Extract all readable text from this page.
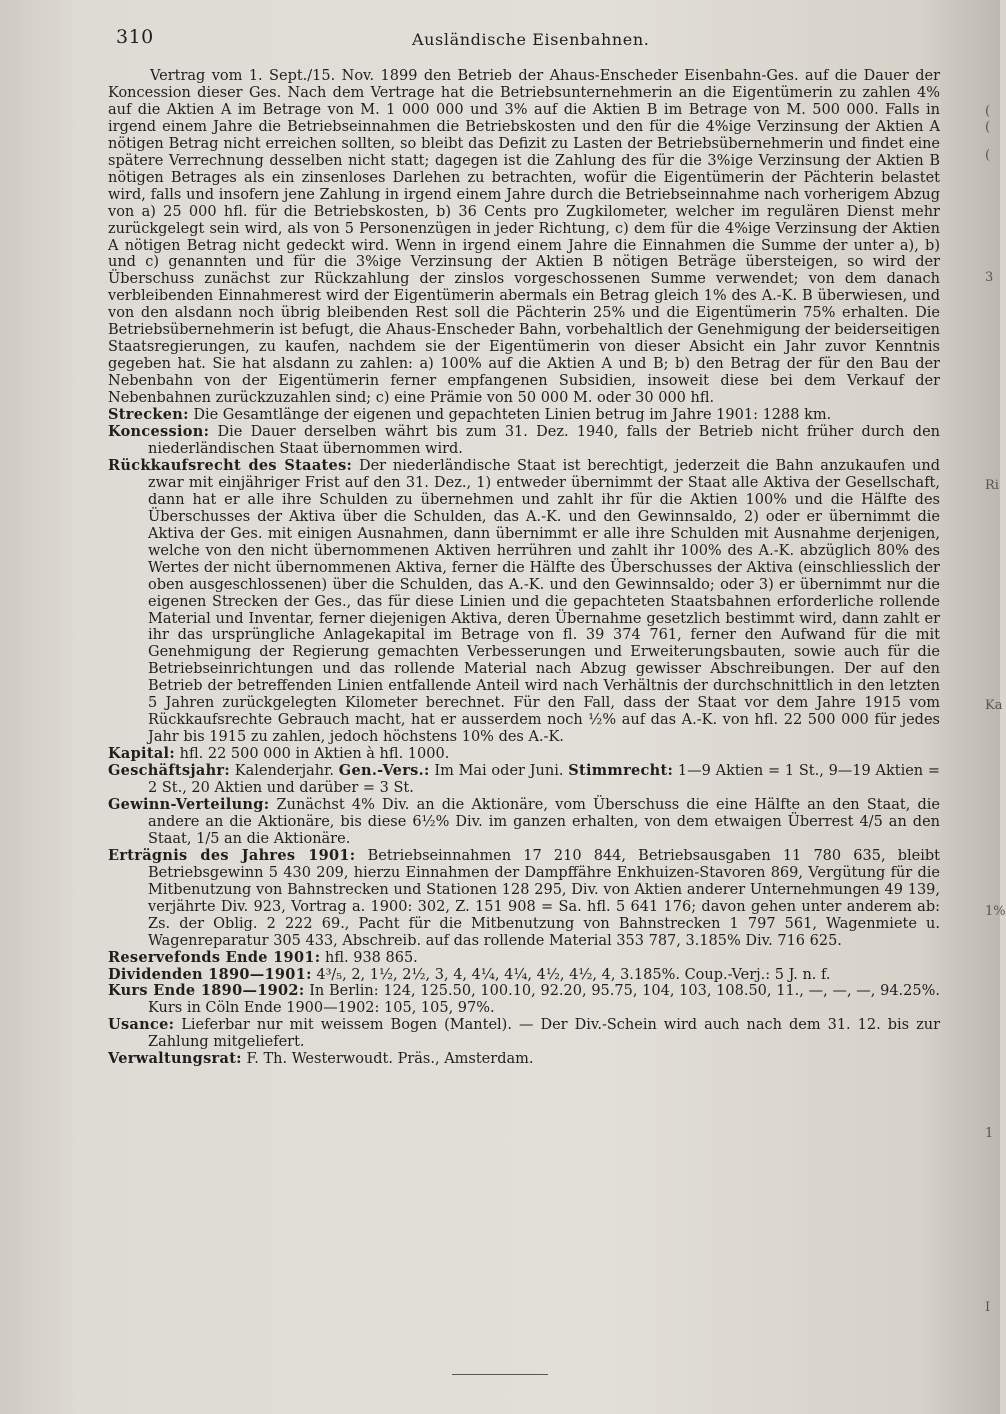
310	Ausländische Eisenbahnen.

Vertrag vom 1. Sept./15. Nov. 1899 den Betrieb der Ahaus-Enscheder Eisenbahn-Ges. auf die Dauer der Koncession dieser Ges. Nach dem Vertrage hat die Betriebsunternehmerin an die Eigentümerin zu zahlen 4% auf die Aktien A im Betrage von M. 1 000 000 und 3% auf die Aktien B im Betrage von M. 500 000. Falls in irgend einem Jahre die Betriebseinnahmen die Betriebskosten und den für die 4%ige Verzinsung der Aktien A nötigen Betrag nicht erreichen sollten, so bleibt das Defizit zu Lasten der Betriebsübernehmerin und findet eine spätere Verrechnung desselben nicht statt; dagegen ist die Zahlung des für die 3%ige Verzinsung der Aktien B nötigen Betrages als ein zinsenloses Darlehen zu betrachten, wofür die Eigentümerin der Pächterin belastet wird, falls und insofern jene Zahlung in irgend einem Jahre durch die Betriebseinnahme nach vorherigem Abzug von a) 25 000 hfl. für die Betriebskosten, b) 36 Cents pro Zugkilometer, welcher im regulären Dienst mehr zurückgelegt sein wird, als von 5 Personenzügen in jeder Richtung, c) dem für die 4%ige Verzinsung der Aktien A nötigen Betrag nicht gedeckt wird. Wenn in irgend einem Jahre die Einnahmen die Summe der unter a), b) und c) genannten und für die 3%ige Verzinsung der Aktien B nötigen Beträge übersteigen, so wird der Überschuss zunächst zur Rückzahlung der zinslos vorgeschossenen Summe verwendet; von dem danach verbleibenden Einnahmerest wird der Eigentümerin abermals ein Betrag gleich 1% des A.-K. B überwiesen, und von den alsdann noch übrig bleibenden Rest soll die Pächterin 25% und die Eigentümerin 75% erhalten. Die Betriebsübernehmerin ist befugt, die Ahaus-Enscheder Bahn, vorbehaltlich der Genehmigung der beiderseitigen Staatsregierungen, zu kaufen, nachdem sie der Eigentümerin von dieser Absicht ein Jahr zuvor Kenntnis gegeben hat. Sie hat alsdann zu zahlen: a) 100% auf die Aktien A und B; b) den Betrag der für den Bau der Nebenbahn von der Eigentümerin ferner empfangenen Subsidien, insoweit diese bei dem Verkauf der Nebenbahnen zurückzuzahlen sind; c) eine Prämie von 50 000 M. oder 30 000 hfl.

Strecken: Die Gesamtlänge der eigenen und gepachteten Linien betrug im Jahre 1901: 1288 km.

Koncession: Die Dauer derselben währt bis zum 31. Dez. 1940, falls der Betrieb nicht früher durch den niederländischen Staat übernommen wird.

Rückkaufsrecht des Staates: Der niederländische Staat ist berechtigt, jederzeit die Bahn anzukaufen und zwar mit einjähriger Frist auf den 31. Dez., 1) entweder übernimmt der Staat alle Aktiva der Gesellschaft, dann hat er alle ihre Schulden zu übernehmen und zahlt ihr für die Aktien 100% und die Hälfte des Überschusses der Aktiva über die Schulden, das A.-K. und den Gewinnsaldo, 2) oder er übernimmt die Aktiva der Ges. mit einigen Ausnahmen, dann übernimmt er alle ihre Schulden mit Ausnahme derjenigen, welche von den nicht übernommenen Aktiven herrühren und zahlt ihr 100% des A.-K. abzüglich 80% des Wertes der nicht übernommenen Aktiva, ferner die Hälfte des Überschusses der Aktiva (einschliesslich der oben ausgeschlossenen) über die Schulden, das A.-K. und den Gewinnsaldo; oder 3) er übernimmt nur die eigenen Strecken der Ges., das für diese Linien und die gepachteten Staatsbahnen erforderliche rollende Material und Inventar, ferner diejenigen Aktiva, deren Übernahme gesetzlich bestimmt wird, dann zahlt er ihr das ursprüngliche Anlagekapital im Betrage von fl. 39 374 761, ferner den Aufwand für die mit Genehmigung der Regierung gemachten Verbesserungen und Erweiterungsbauten, sowie auch für die Betriebseinrichtungen und das rollende Material nach Abzug gewisser Abschreibungen. Der auf den Betrieb der betreffenden Linien entfallende Anteil wird nach Verhältnis der durchschnittlich in den letzten 5 Jahren zurückgelegten Kilometer berechnet. Für den Fall, dass der Staat vor dem Jahre 1915 vom Rückkaufsrechte Gebrauch macht, hat er ausserdem noch ½% auf das A.-K. von hfl. 22 500 000 für jedes Jahr bis 1915 zu zahlen, jedoch höchstens 10% des A.-K.

Kapital: hfl. 22 500 000 in Aktien à hfl. 1000.

Geschäftsjahr: Kalenderjahr. Gen.-Vers.: Im Mai oder Juni. Stimmrecht: 1—9 Aktien = 1 St., 9—19 Aktien = 2 St., 20 Aktien und darüber = 3 St.

Gewinn-Verteilung: Zunächst 4% Div. an die Aktionäre, vom Überschuss die eine Hälfte an den Staat, die andere an die Aktionäre, bis diese 6½% Div. im ganzen erhalten, von dem etwaigen Überrest 4/5 an den Staat, 1/5 an die Aktionäre.

Erträgnis des Jahres 1901: Betriebseinnahmen 17 210 844, Betriebsausgaben 11 780 635, bleibt Betriebsgewinn 5 430 209, hierzu Einnahmen der Dampffähre Enkhuizen-Stavoren 869, Vergütung für die Mitbenutzung von Bahnstrecken und Stationen 128 295, Div. von Aktien anderer Unternehmungen 49 139, verjährte Div. 923, Vortrag a. 1900: 302, Z. 151 908 = Sa. hfl. 5 641 176; davon gehen unter anderem ab: Zs. der Oblig. 2 222 69., Pacht für die Mitbenutzung von Bahnstrecken 1 797 561, Wagenmiete u. Wagenreparatur 305 433, Abschreib. auf das rollende Material 353 787, 3.185% Div. 716 625.

Reservefonds Ende 1901: hfl. 938 865.

Dividenden 1890—1901: 4³/₅, 2, 1½, 2½, 3, 4, 4¼, 4¼, 4½, 4½, 4, 3.185%. Coup.-Verj.: 5 J. n. f.

Kurs Ende 1890—1902: In Berlin: 124, 125.50, 100.10, 92.20, 95.75, 104, 103, 108.50, 11., —, —, —, 94.25%. Kurs in Cöln Ende 1900—1902: 105, 105, 97%.

Usance: Lieferbar nur mit weissem Bogen (Mantel). — Der Div.-Schein wird auch nach dem 31. 12. bis zur Zahlung mitgeliefert.

Verwaltungsrat: F. Th. Westerwoudt. Präs., Amsterdam.

(
(
(
3
Ri
Ka
1%
1
I
